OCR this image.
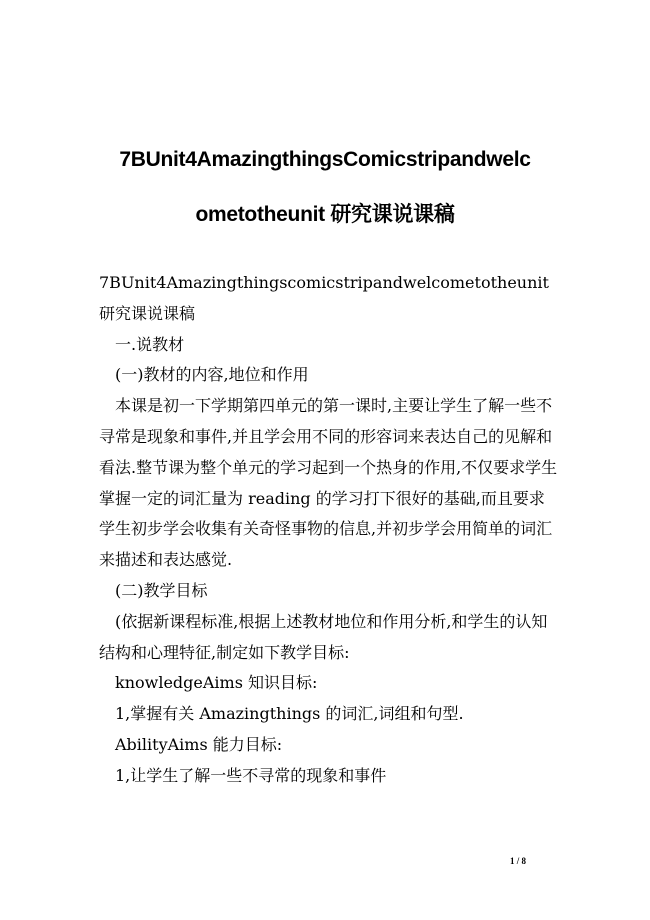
7BUnit4AmazingthingsComicstripandwelc
ometotheunit 研究课说课稿

7BUnit4Amazingthingscomicstripandwelcometotheunit 研究课说课稿

一.说教材

(一)教材的内容,地位和作用

本课是初一下学期第四单元的第一课时,主要让学生了解一些不寻常是现象和事件,并且学会用不同的形容词来表达自己的见解和看法.整节课为整个单元的学习起到一个热身的作用,不仅要求学生掌握一定的词汇量为 reading 的学习打下很好的基础,而且要求学生初步学会收集有关奇怪事物的信息,并初步学会用简单的词汇来描述和表达感觉.

(二)教学目标

(依据新课程标准,根据上述教材地位和作用分析,和学生的认知结构和心理特征,制定如下教学目标:

knowledgeAims 知识目标:

1,掌握有关 Amazingthings 的词汇,词组和句型.

AbilityAims 能力目标:

1,让学生了解一些不寻常的现象和事件

1 / 8
